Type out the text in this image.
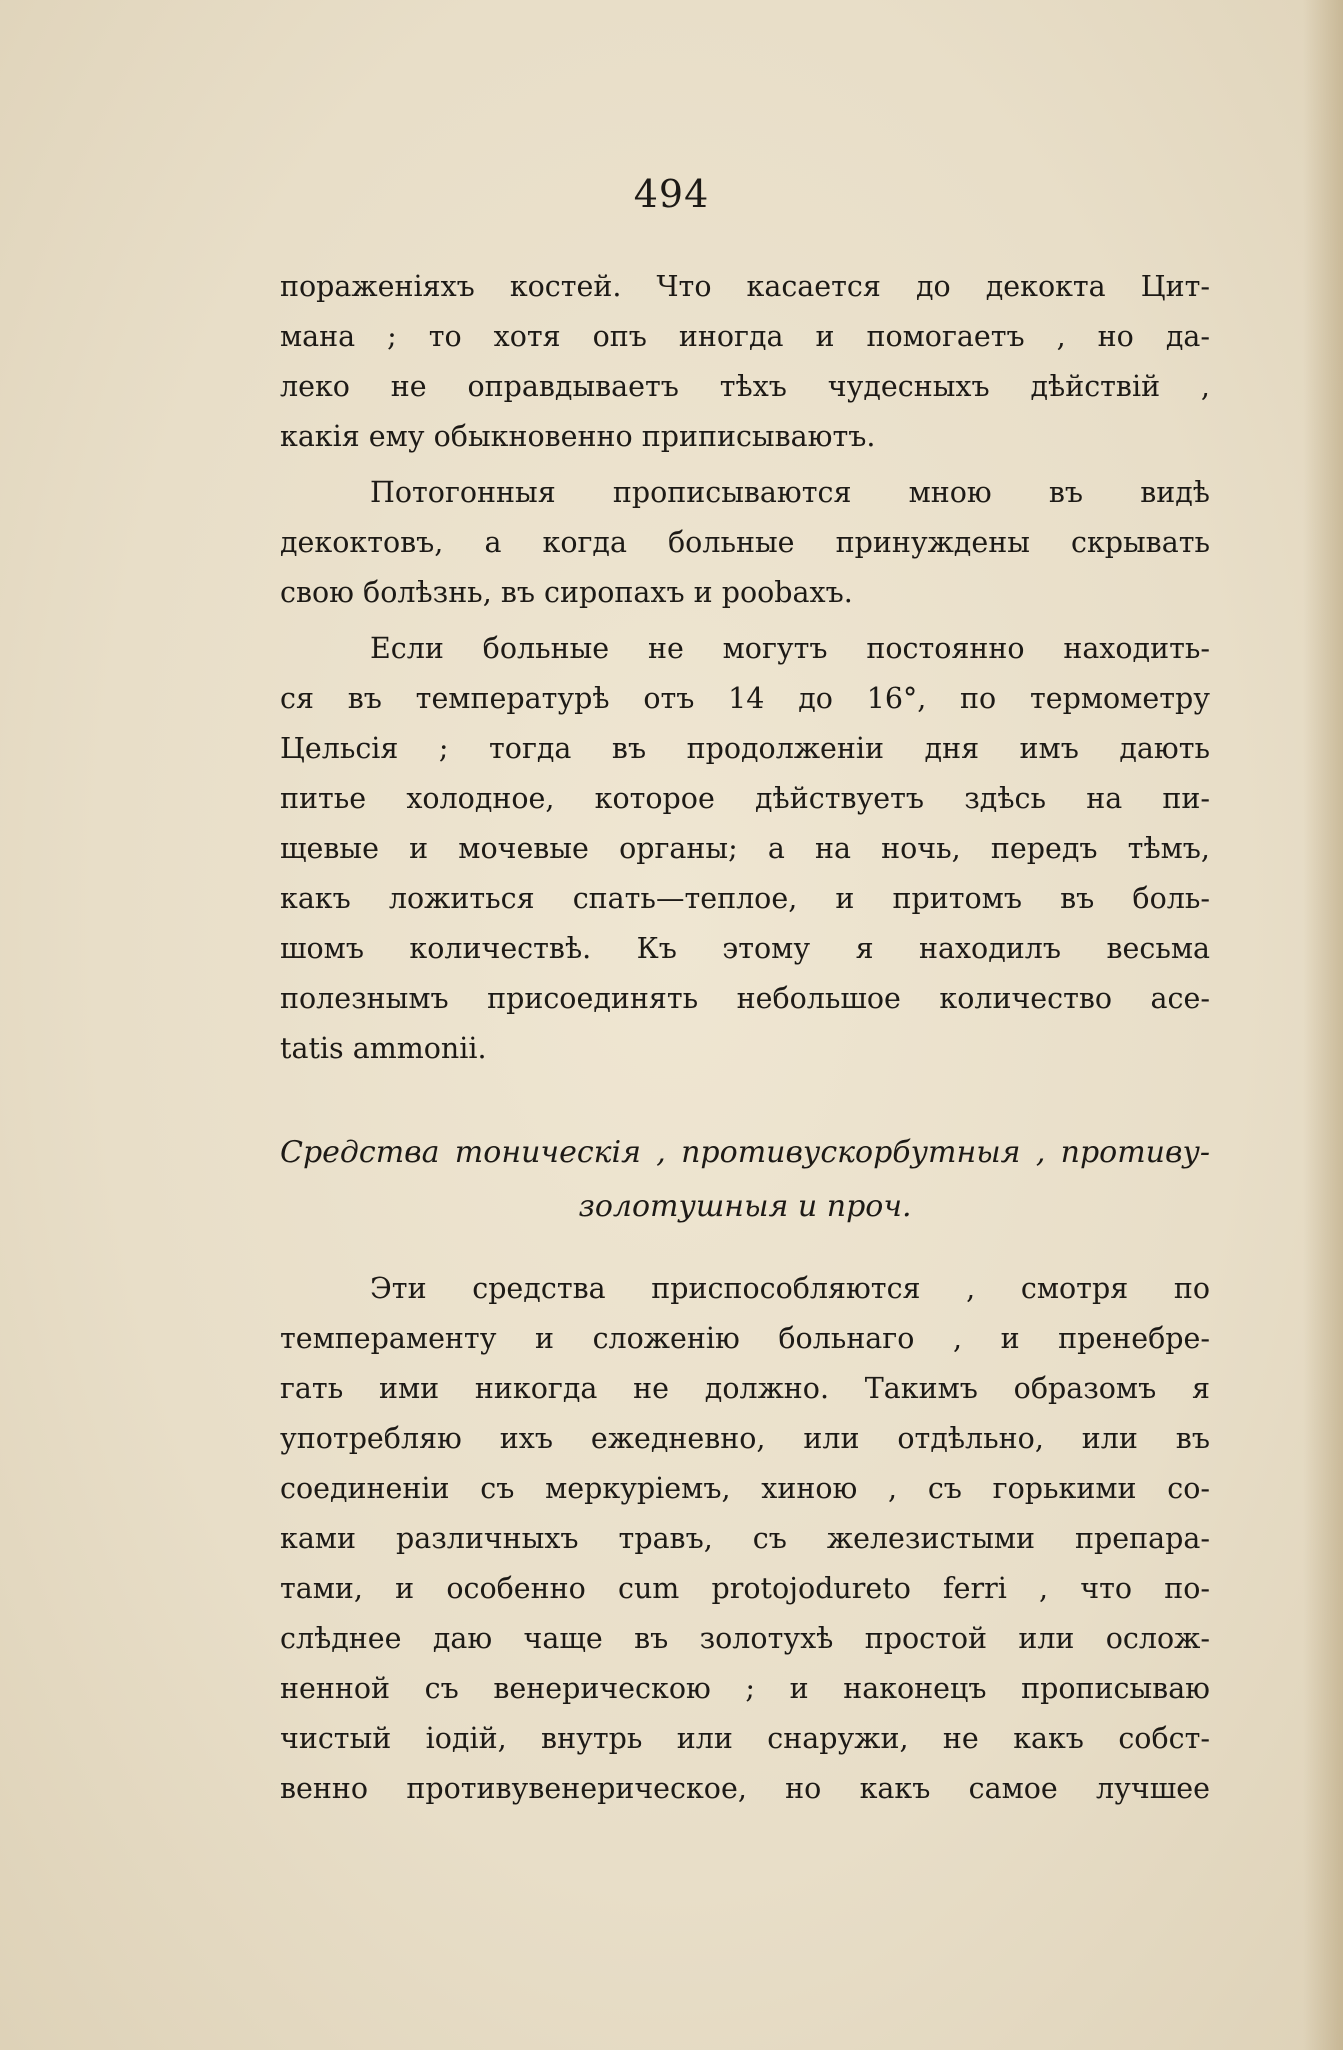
494
пораженіяхъ костей. Что касается до декокта Цит-
мана ; то хотя опъ иногда и помогаетъ , но да-
леко не оправдываетъ тѣхъ чудесныхъ дѣйствій ,
какія ему обыкновенно приписываютъ.
Потогонныя прописываются мною въ видѣ
декоктовъ, а когда больные принуждены скрывать
свою болѣзнь, въ сиропахъ и роobахъ.
Если больные не могутъ постоянно находить-
ся въ температурѣ отъ 14 до 16°, по термометру
Цельсія ; тогда въ продолженіи дня имъ дають
питье холодное, которое дѣйствуетъ здѣсь на пи-
щевые и мочевые органы; а на ночь, передъ тѣмъ,
какъ ложиться спать—теплое, и притомъ въ боль-
шомъ количествѣ. Къ этому я находилъ весьма
полезнымъ присоединять небольшое количество ace-
tatis ammonii.
Средства тоническія , противускорбутныя , противу-
золотушныя и проч.
Эти средства приспособляются , смотря по
темпераменту и сложенію больнаго , и пренебре-
гать ими никогда не должно. Такимъ образомъ я
употребляю ихъ ежедневно, или отдѣльно, или въ
соединеніи съ меркуріемъ, хиною , съ горькими со-
ками различныхъ травъ, съ железистыми препара-
тами, и особенно cum protojodureto ferri , что по-
слѣднее даю чаще въ золотухѣ простой или ослож-
ненной съ венерическою ; и наконецъ прописываю
чистый іодій, внутрь или снаружи, не какъ собст-
венно противувенерическое, но какъ самое лучшее
